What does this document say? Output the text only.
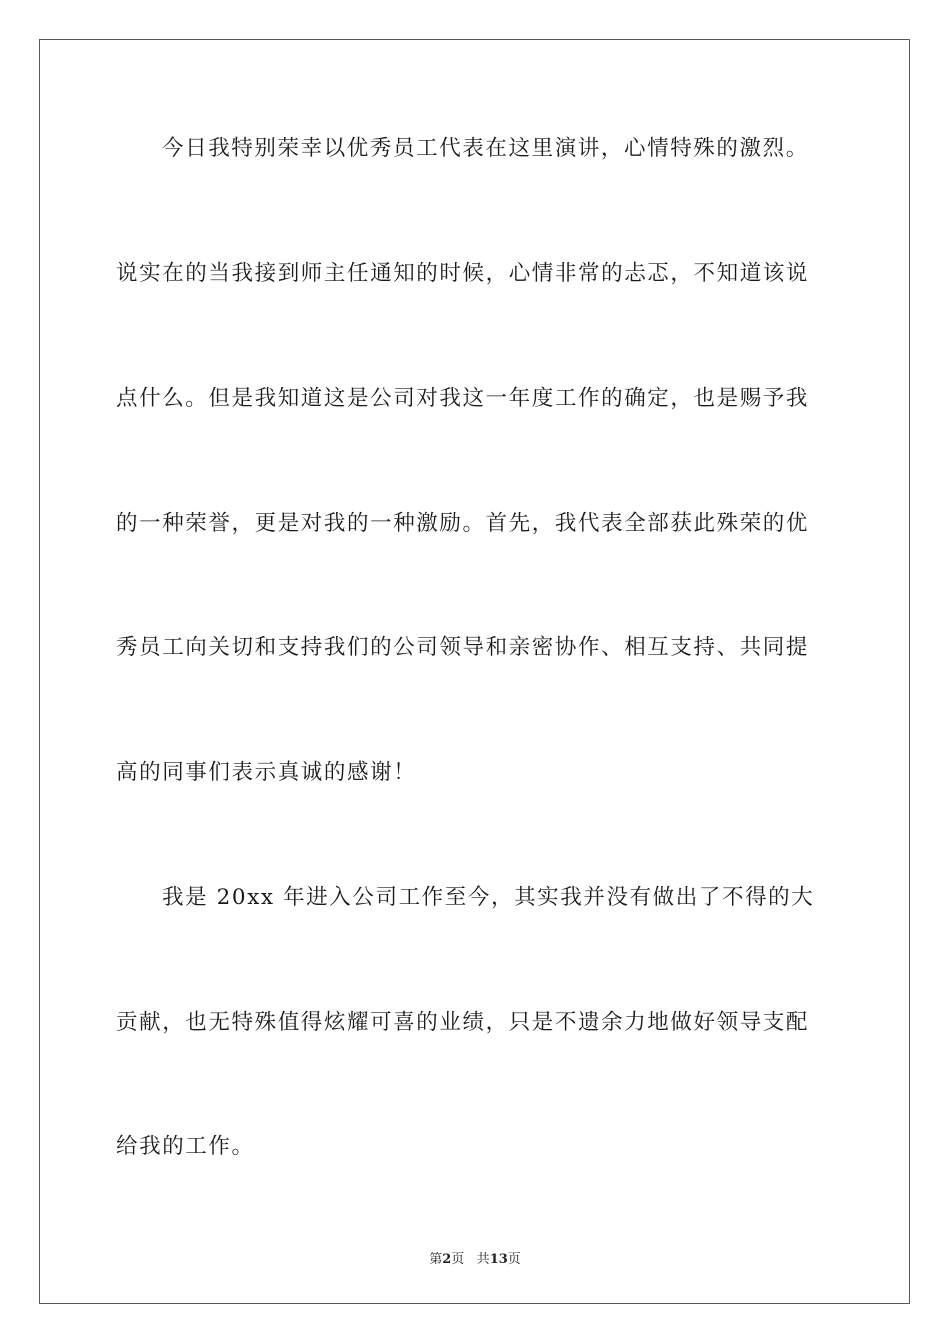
今日我特别荣幸以优秀员工代表在这里演讲，心情特殊的激烈。
说实在的当我接到师主任通知的时候，心情非常的忐忑，不知道该说
点什么。但是我知道这是公司对我这一年度工作的确定，也是赐予我
的一种荣誉，更是对我的一种激励。首先，我代表全部获此殊荣的优
秀员工向关切和支持我们的公司领导和亲密协作、相互支持、共同提
高的同事们表示真诚的感谢！
我是 20xx 年进入公司工作至今，其实我并没有做出了不得的大
贡献，也无特殊值得炫耀可喜的业绩，只是不遗余力地做好领导支配
给我的工作。
第2页 共13页
